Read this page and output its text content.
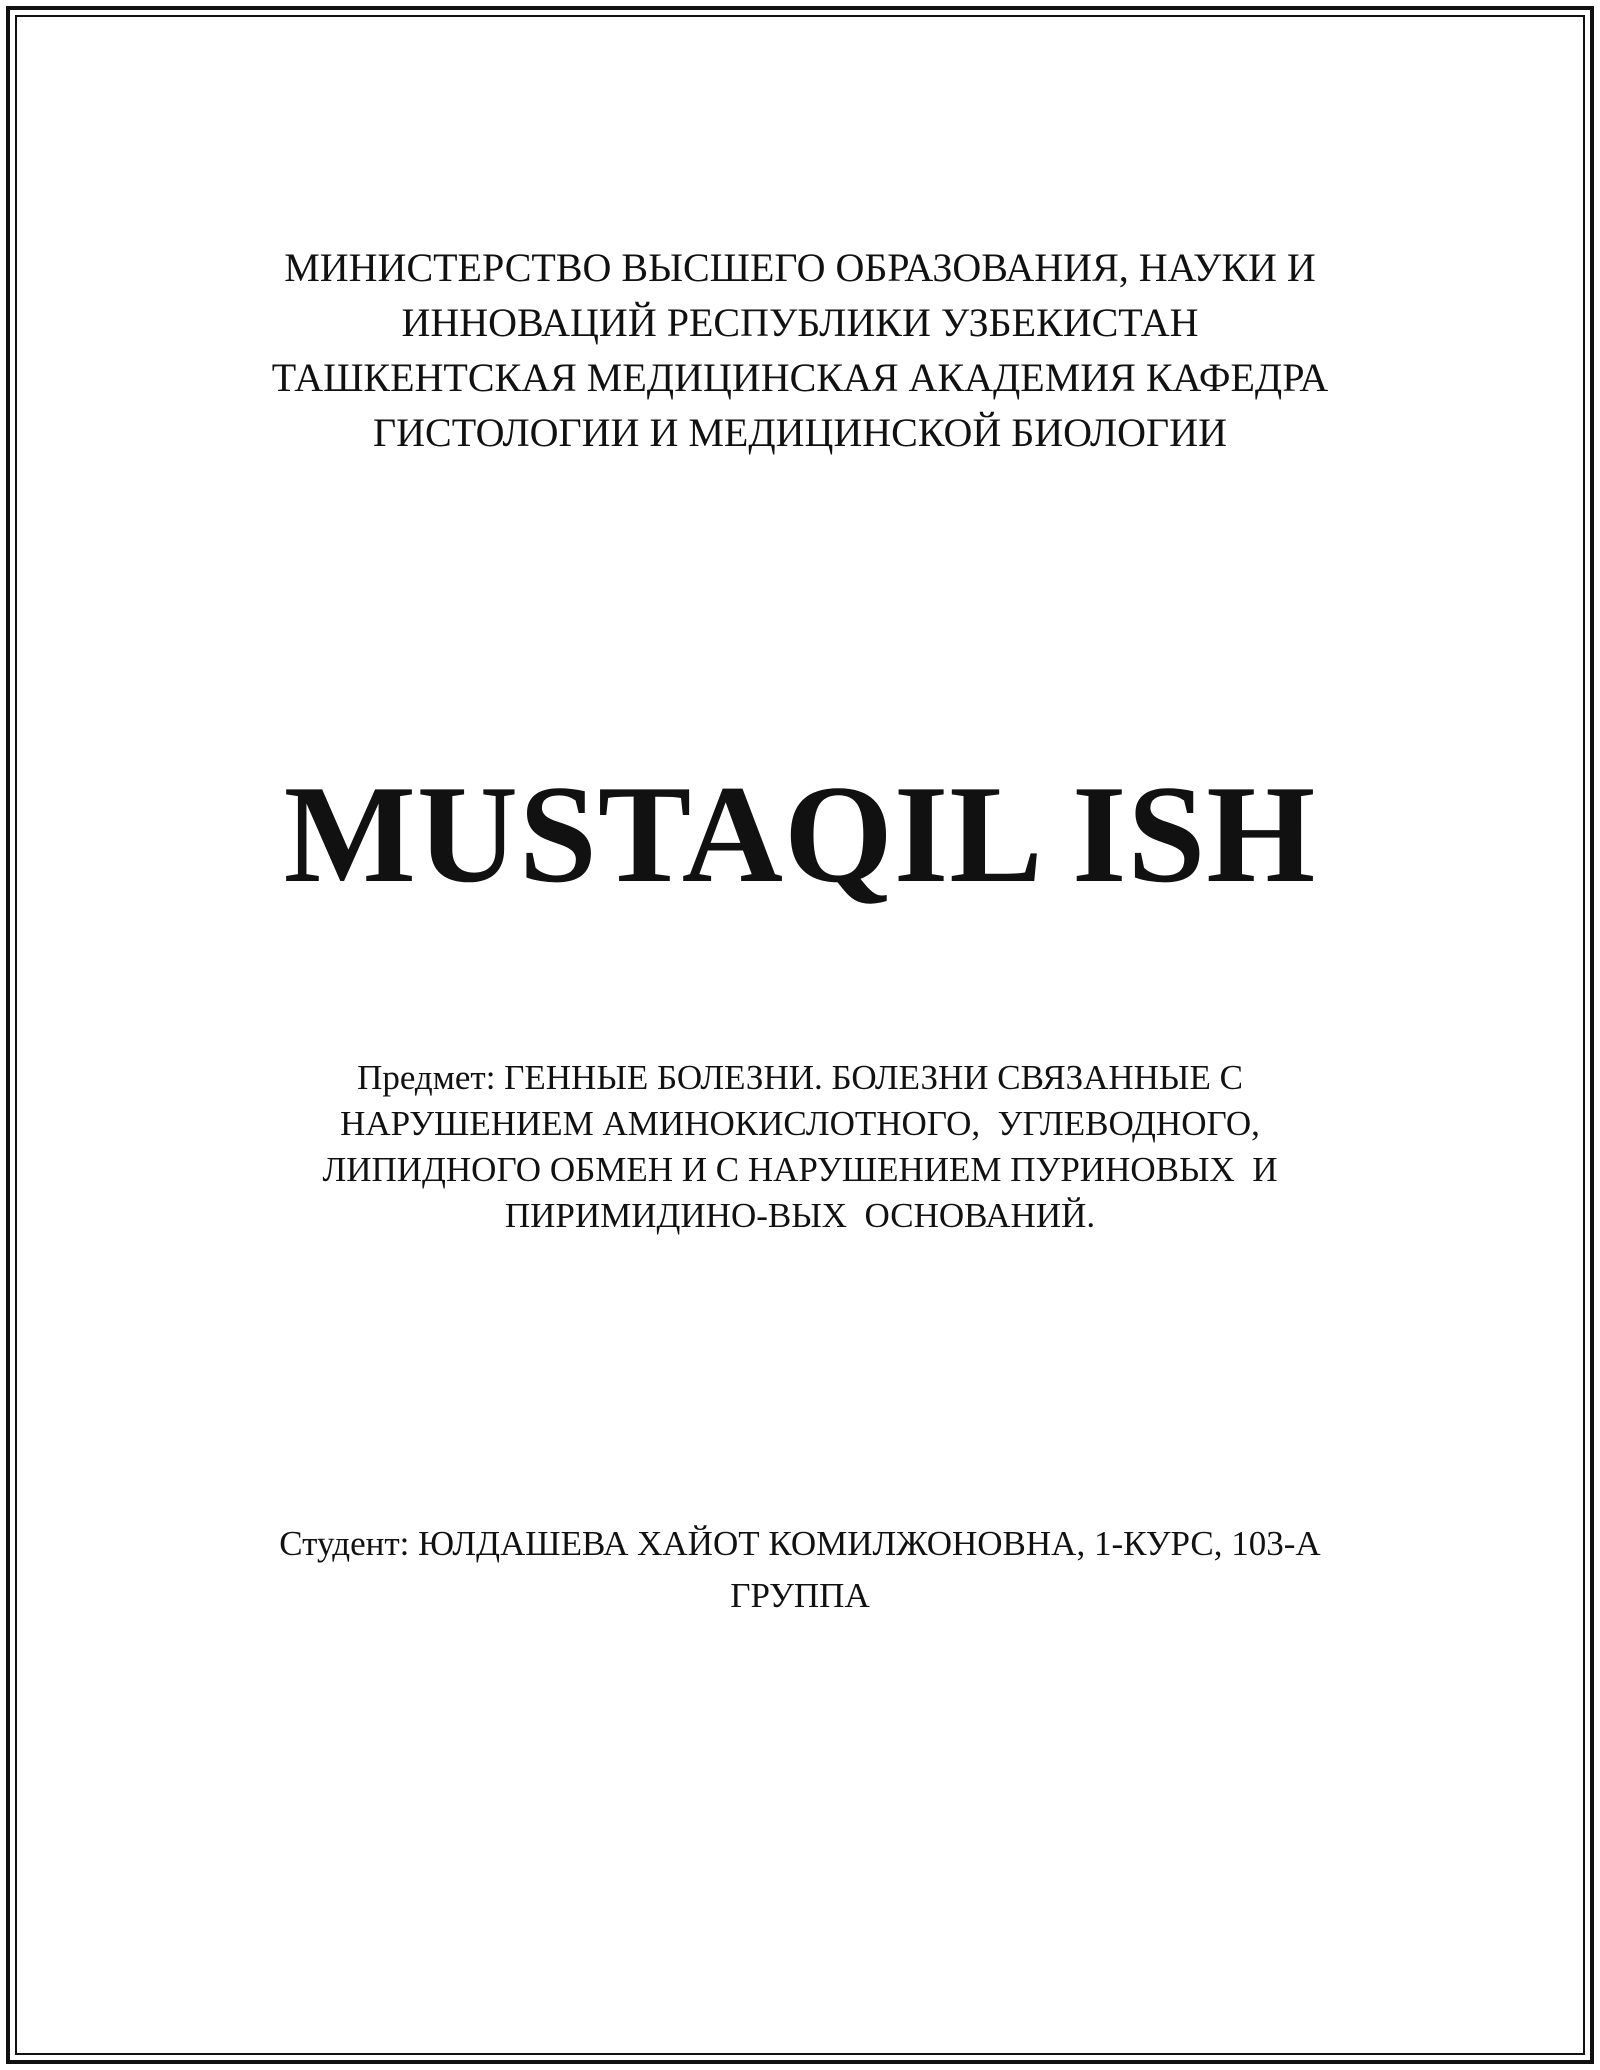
МИНИСТЕРСТВО ВЫСШЕГО ОБРАЗОВАНИЯ, НАУКИ И
ИННОВАЦИЙ РЕСПУБЛИКИ УЗБЕКИСТАН
ТАШКЕНТСКАЯ МЕДИЦИНСКАЯ АКАДЕМИЯ КАФЕДРА
ГИСТОЛОГИИ И МЕДИЦИНСКОЙ БИОЛОГИИ
MUSTAQIL ISH
Предмет: ГЕННЫЕ БОЛЕЗНИ. БОЛЕЗНИ СВЯЗАННЫЕ С
НАРУШЕНИЕМ АМИНОКИСЛОТНОГО,  УГЛЕВОДНОГО,
ЛИПИДНОГО ОБМЕН И С НАРУШЕНИЕМ ПУРИНОВЫХ  И
ПИРИМИДИНО-ВЫХ  ОСНОВАНИЙ.
Студент: ЮЛДАШЕВА ХАЙОТ КОМИЛЖОНОВНА, 1-КУРС, 103-А
ГРУППА
